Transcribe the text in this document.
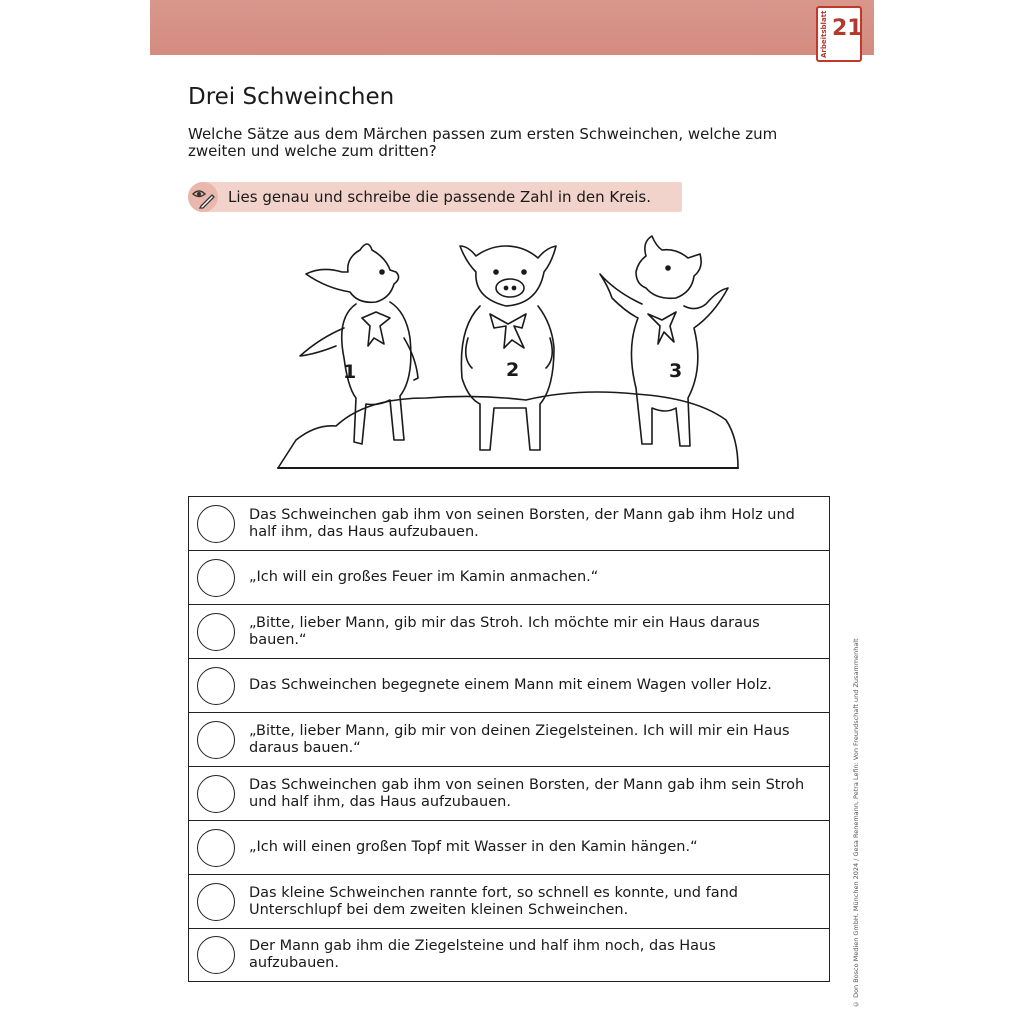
Arbeitsblatt 21
Drei Schweinchen
Welche Sätze aus dem Märchen passen zum ersten Schweinchen, welche zum zweiten und welche zum dritten?
Lies genau und schreibe die passende Zahl in den Kreis.
1	2	3
Das Schweinchen gab ihm von seinen Borsten, der Mann gab ihm Holz und half ihm, das Haus aufzubauen.
„Ich will ein großes Feuer im Kamin anmachen.“
„Bitte, lieber Mann, gib mir das Stroh. Ich möchte mir ein Haus daraus bauen.“
Das Schweinchen begegnete einem Mann mit einem Wagen voller Holz.
„Bitte, lieber Mann, gib mir von deinen Ziegelsteinen. Ich will mir ein Haus daraus bauen.“
Das Schweinchen gab ihm von seinen Borsten, der Mann gab ihm sein Stroh und half ihm, das Haus aufzubauen.
„Ich will einen großen Topf mit Wasser in den Kamin hängen.“
Das kleine Schweinchen rannte fort, so schnell es konnte, und fand Unterschlupf bei dem zweiten kleinen Schweinchen.
Der Mann gab ihm die Ziegelsteine und half ihm noch, das Haus aufzubauen.	© Don Bosco Medien GmbH, München 2024 / Gesa Renemann, Petra Lefin: Von Freundschaft und Zusammenhalt
